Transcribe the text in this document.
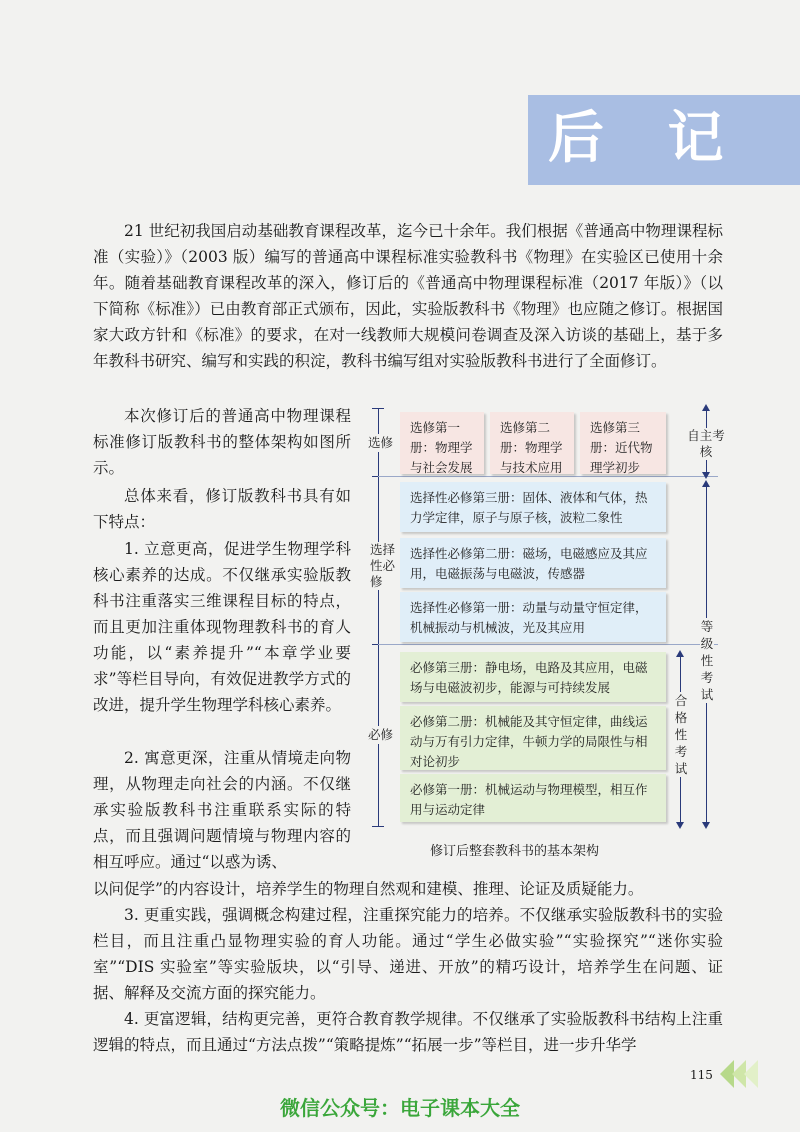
后 记

21 世纪初我国启动基础教育课程改革，迄今已十余年。我们根据《普通高中物理课程标准（实验）》（2003 版）编写的普通高中课程标准实验教科书《物理》在实验区已使用十余年。随着基础教育课程改革的深入，修订后的《普通高中物理课程标准（2017 年版）》（以下简称《标准》）已由教育部正式颁布，因此，实验版教科书《物理》也应随之修订。根据国家大政方针和《标准》的要求，在对一线教师大规模问卷调查及深入访谈的基础上，基于多年教科书研究、编写和实践的积淀，教科书编写组对实验版教科书进行了全面修订。

本次修订后的普通高中物理课程标准修订版教科书的整体架构如图所示。

总体来看，修订版教科书具有如下特点：

1. 立意更高，促进学生物理学科核心素养的达成。不仅继承实验版教科书注重落实三维课程目标的特点，而且更加注重体现物理教科书的育人功能，以“素养提升”“本章学业要求”等栏目导向，有效促进教学方式的改进，提升学生物理学科核心素养。

2. 寓意更深，注重从情境走向物理，从物理走向社会的内涵。不仅继承实验版教科书注重联系实际的特点，而且强调问题情境与物理内容的相互呼应。通过“以惑为诱、

以问促学”的内容设计，培养学生的物理自然观和建模、推理、论证及质疑能力。

3. 更重实践，强调概念构建过程，注重探究能力的培养。不仅继承实验版教科书的实验栏目，而且注重凸显物理实验的育人功能。通过“学生必做实验”“实验探究”“迷你实验室”“DIS 实验室”等实验版块，以“引导、递进、开放”的精巧设计，培养学生在问题、证据、解释及交流方面的探究能力。

4. 更富逻辑，结构更完善，更符合教育教学规律。不仅继承了实验版教科书结构上注重逻辑的特点，而且通过“方法点拨”“策略提炼”“拓展一步”等栏目，进一步升华学

选修
选择性必修
必修
选修第一册：物理学与社会发展
选修第二册：物理学与技术应用
选修第三册：近代物理学初步
选择性必修第三册：固体、液体和气体，热力学定律，原子与原子核，波粒二象性
选择性必修第二册：磁场，电磁感应及其应用，电磁振荡与电磁波，传感器
选择性必修第一册：动量与动量守恒定律，机械振动与机械波，光及其应用
必修第三册：静电场，电路及其应用，电磁场与电磁波初步，能源与可持续发展
必修第二册：机械能及其守恒定律，曲线运动与万有引力定律，牛顿力学的局限性与相对论初步
必修第一册：机械运动与物理模型，相互作用与运动定律
自主考核
等级性考试
合格性考试
修订后整套教科书的基本架构
115
微信公众号：电子课本大全
